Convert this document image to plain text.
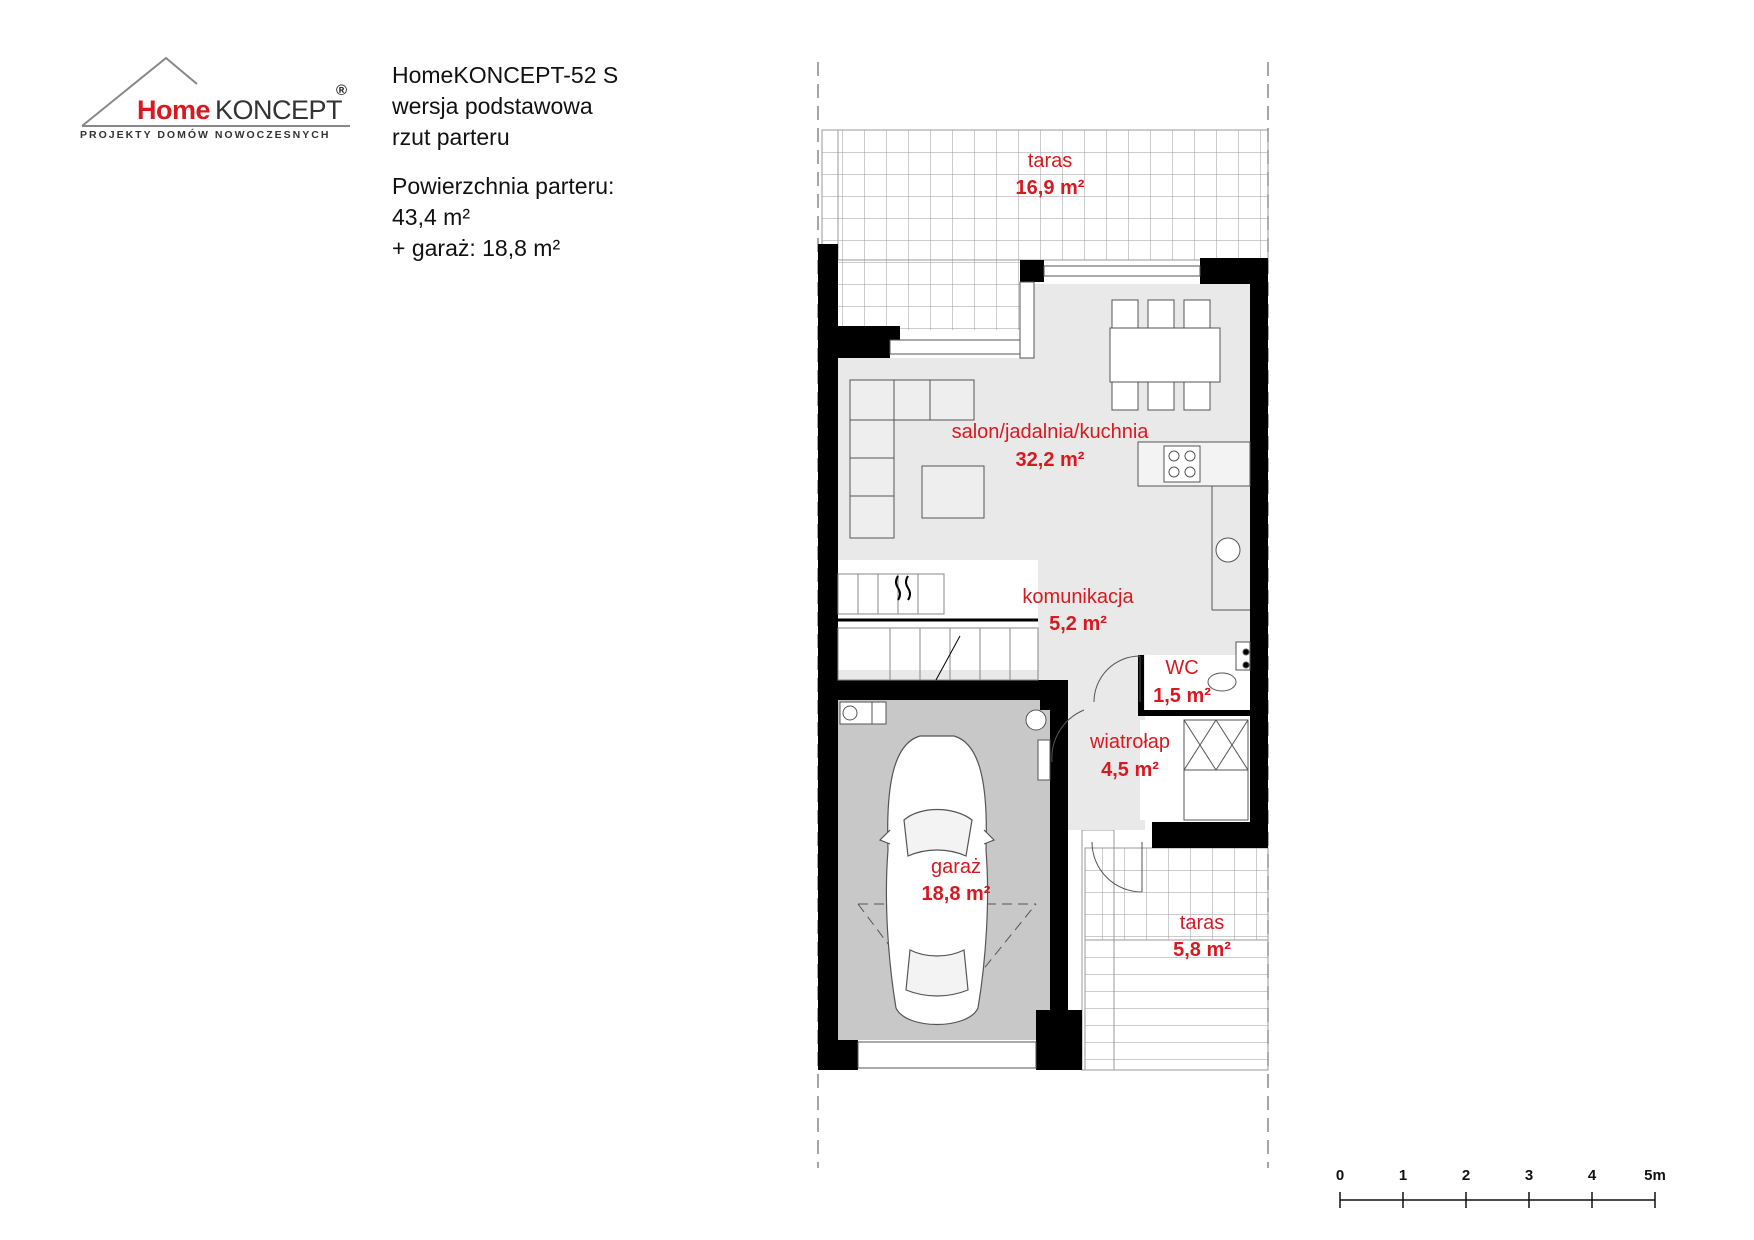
Home KONCEPT
®
PROJEKTY DOMÓW NOWOCZESNYCH
HomeKONCEPT-52 S
wersja podstawowa
rzut parteru
Powierzchnia parteru:
43,4 m²
+ garaż: 18,8 m²
taras
16,9 m²
salon/jadalnia/kuchnia
32,2 m²
komunikacja
5,2 m²
WC
1,5 m²
wiatrołap
4,5 m²
garaż
18,8 m²
taras
5,8 m²
0	1	2	3	4	5m
